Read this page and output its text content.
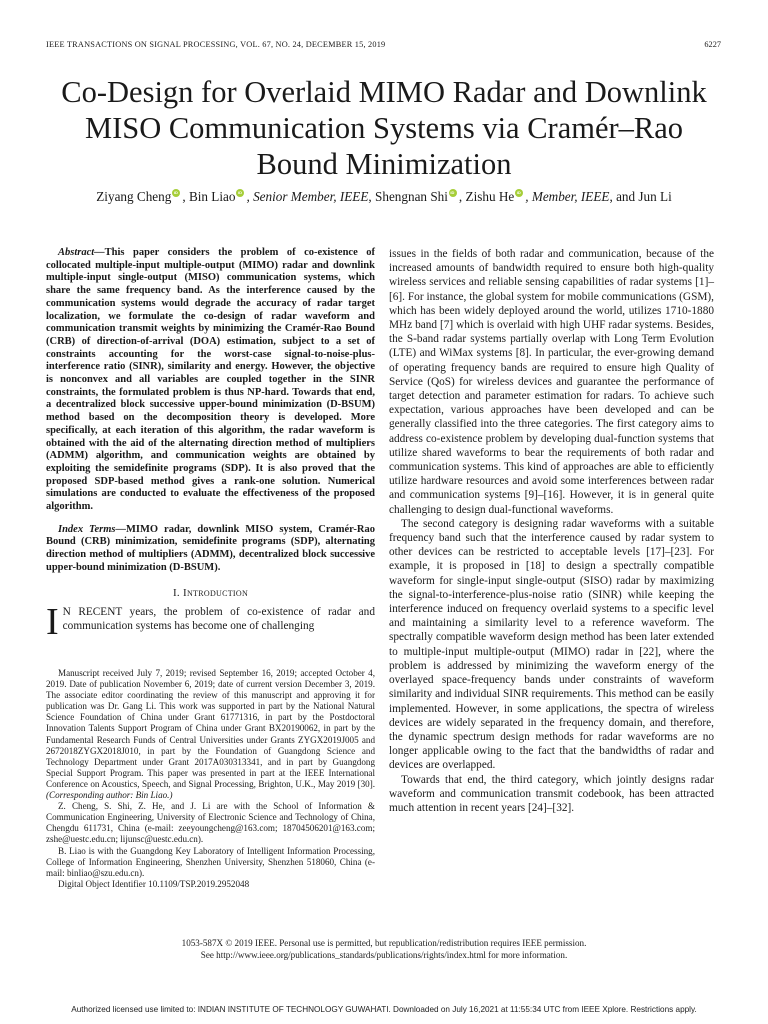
IEEE TRANSACTIONS ON SIGNAL PROCESSING, VOL. 67, NO. 24, DECEMBER 15, 2019	6227
Co-Design for Overlaid MIMO Radar and Downlink
MISO Communication Systems via Cramér–Rao
Bound Minimization
Ziyang Cheng iD , Bin Liao iD , Senior Member, IEEE, Shengnan Shi iD , Zishu He iD , Member, IEEE, and Jun Li

Abstract—This paper considers the problem of co-existence of collocated multiple-input multiple-output (MIMO) radar and downlink multiple-input single-output (MISO) communication systems, which share the same frequency band. As the interference caused by the communication systems would degrade the accuracy of radar target localization, we formulate the co-design of radar waveform and communication transmit weights by minimizing the Cramér-Rao Bound (CRB) of direction-of-arrival (DOA) estimation, subject to a set of constraints accounting for the worst-case signal-to-noise-plus-interference ratio (SINR), similarity and energy. However, the objective is nonconvex and all variables are coupled together in the SINR constraints, the formulated problem is thus NP-hard. Towards that end, a decentralized block successive upper-bound minimization (D-BSUM) method based on the decomposition theory is developed. More specifically, at each iteration of this algorithm, the radar waveform is obtained with the aid of the alternating direction method of multipliers (ADMM) algorithm, and communication weights are obtained by exploiting the semidefinite programs (SDP). It is also proved that the proposed SDP-based method gives a rank-one solution. Numerical simulations are conducted to evaluate the effectiveness of the proposed algorithm.

Index Terms—MIMO radar, downlink MISO system, Cramér-Rao Bound (CRB) minimization, semidefinite programs (SDP), alternating direction method of multipliers (ADMM), decentralized block successive upper-bound minimization (D-BSUM).

I. Introduction

IN RECENT years, the problem of co-existence of radar and communication systems has become one of challenging

Manuscript received July 7, 2019; revised September 16, 2019; accepted October 4, 2019. Date of publication November 6, 2019; date of current version December 3, 2019. The associate editor coordinating the review of this manuscript and approving it for publication was Dr. Gang Li. This work was supported in part by the National Natural Science Foundation of China under Grant 61771316, in part by the Postdoctoral Innovation Talents Support Program of China under Grant BX20190062, in part by the Fundamental Research Funds of Central Universities under Grants ZYGX2019J005 and 2672018ZYGX2018J010, in part by the Foundation of Guangdong Science and Technology Department under Grant 2017A030313341, and in part by Guangdong Special Support Program. This paper was presented in part at the IEEE International Conference on Acoustics, Speech, and Signal Processing, Brighton, U.K., May 2019 [30]. (Corresponding author: Bin Liao.)

Z. Cheng, S. Shi, Z. He, and J. Li are with the School of Information & Communication Engineering, University of Electronic Science and Technology of China, Chengdu 611731, China (e-mail: zeeyoungcheng@163.com; 18704506201@163.com; zshe@uestc.edu.cn; lijunsc@uestc.edu.cn).

B. Liao is with the Guangdong Key Laboratory of Intelligent Information Processing, College of Information Engineering, Shenzhen University, Shenzhen 518060, China (e-mail: binliao@szu.edu.cn).

Digital Object Identifier 10.1109/TSP.2019.2952048

issues in the fields of both radar and communication, because of the increased amounts of bandwidth required to ensure both high-quality wireless services and reliable sensing capabilities of radar systems [1]–[6]. For instance, the global system for mobile communications (GSM), which has been widely deployed around the world, utilizes 1710-1880 MHz band [7] which is overlaid with high UHF radar systems. Besides, the S-band radar systems partially overlap with Long Term Evolution (LTE) and WiMax systems [8]. In particular, the ever-growing demand of operating frequency bands are required to ensure high Quality of Service (QoS) for wireless devices and guarantee the performance of target detection and parameter estimation for radars. To achieve such expectation, various approaches have been developed and can be generally classified into the three categories. The first category aims to address co-existence problem by developing dual-function systems that utilize shared waveforms to bear the requirements of both radar and communication systems. This kind of approaches are able to efficiently utilize hardware resources and avoid some interferences between radar and communication systems [9]–[16]. However, it is in general quite challenging to design dual-functional waveforms.

The second category is designing radar waveforms with a suitable frequency band such that the interference caused by radar system to other devices can be restricted to acceptable levels [17]–[23]. For example, it is proposed in [18] to design a spectrally compatible waveform for single-input single-output (SISO) radar by maximizing the signal-to-interference-plus-noise ratio (SINR) while keeping the interference induced on frequency overlaid systems to a specific level and maintaining a similarity level to a reference waveform. The spectrally compatible waveform design method has been later extended to multiple-input multiple-output (MIMO) radar in [22], where the problem is addressed by minimizing the waveform energy of the overlayed space-frequency bands under constraints of waveform similarity and individual SINR requirements. This method can be easily implemented. However, in some applications, the spectra of wireless devices are widely separated in the frequency domain, and therefore, the dynamic spectrum design methods for radar waveforms are no longer applicable owing to the fact that the bandwidths of radar and devices are overlapped.

Towards that end, the third category, which jointly designs radar waveform and communication transmit codebook, has been attracted much attention in recent years [24]–[32].

1053-587X © 2019 IEEE. Personal use is permitted, but republication/redistribution requires IEEE permission.
See http://www.ieee.org/publications_standards/publications/rights/index.html for more information.
Authorized licensed use limited to: INDIAN INSTITUTE OF TECHNOLOGY GUWAHATI. Downloaded on July 16,2021 at 11:55:34 UTC from IEEE Xplore. Restrictions apply.
